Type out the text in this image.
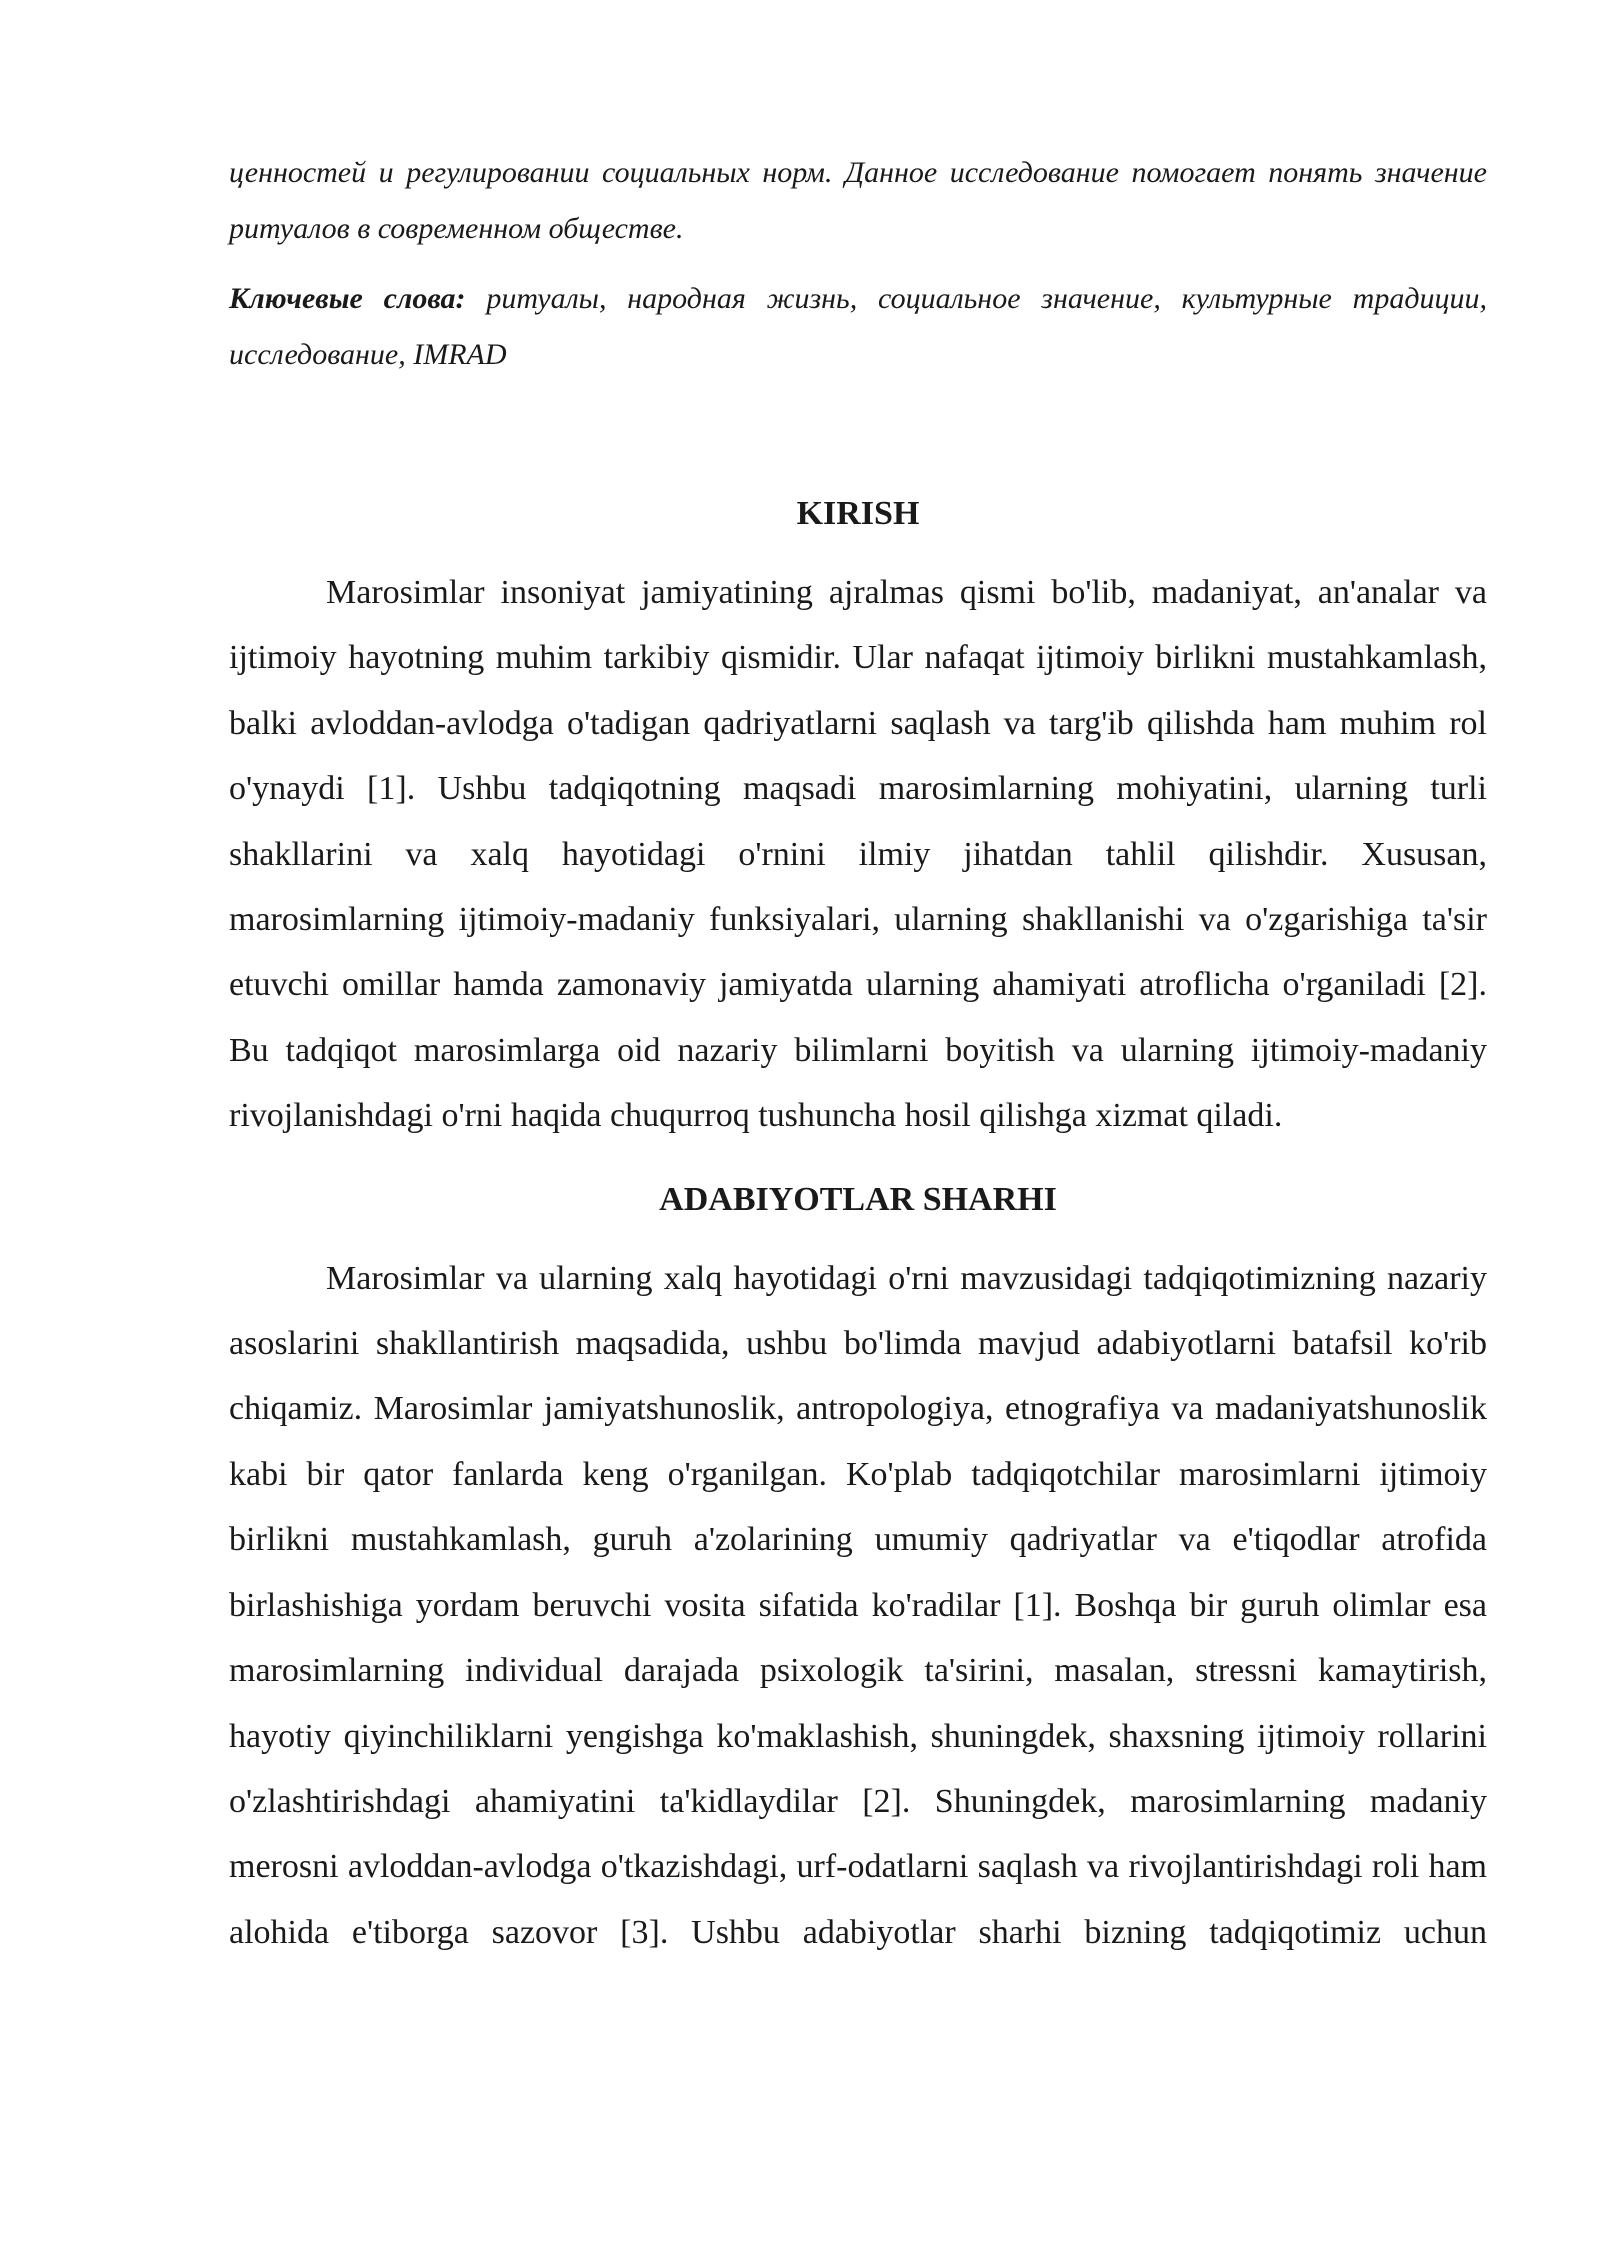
ценностей и регулировании социальных норм. Данное исследование помогает понять значение ритуалов в современном обществе.

Ключевые слова: ритуалы, народная жизнь, социальное значение, культурные традиции, исследование, IMRAD

KIRISH

Marosimlar insoniyat jamiyatining ajralmas qismi bo'lib, madaniyat, an'analar va ijtimoiy hayotning muhim tarkibiy qismidir. Ular nafaqat ijtimoiy birlikni mustahkamlash, balki avloddan-avlodga o'tadigan qadriyatlarni saqlash va targ'ib qilishda ham muhim rol o'ynaydi [1]. Ushbu tadqiqotning maqsadi marosimlarning mohiyatini, ularning turli shakllarini va xalq hayotidagi o'rnini ilmiy jihatdan tahlil qilishdir. Xususan, marosimlarning ijtimoiy-madaniy funksiyalari, ularning shakllanishi va o'zgarishiga ta'sir etuvchi omillar hamda zamonaviy jamiyatda ularning ahamiyati atroflicha o'rganiladi [2]. Bu tadqiqot marosimlarga oid nazariy bilimlarni boyitish va ularning ijtimoiy-madaniy rivojlanishdagi o'rni haqida chuqurroq tushuncha hosil qilishga xizmat qiladi.

ADABIYOTLAR SHARHI

Marosimlar va ularning xalq hayotidagi o'rni mavzusidagi tadqiqotimizning nazariy asoslarini shakllantirish maqsadida, ushbu bo'limda mavjud adabiyotlarni batafsil ko'rib chiqamiz. Marosimlar jamiyatshunoslik, antropologiya, etnografiya va madaniyatshunoslik kabi bir qator fanlarda keng o'rganilgan. Ko'plab tadqiqotchilar marosimlarni ijtimoiy birlikni mustahkamlash, guruh a'zolarining umumiy qadriyatlar va e'tiqodlar atrofida birlashishiga yordam beruvchi vosita sifatida ko'radilar [1]. Boshqa bir guruh olimlar esa marosimlarning individual darajada psixologik ta'sirini, masalan, stressni kamaytirish, hayotiy qiyinchiliklarni yengishga ko'maklashish, shuningdek, shaxsning ijtimoiy rollarini o'zlashtirishdagi ahamiyatini ta'kidlaydilar [2]. Shuningdek, marosimlarning madaniy merosni avloddan-avlodga o'tkazishdagi, urf-odatlarni saqlash va rivojlantirishdagi roli ham alohida e'tiborga sazovor [3]. Ushbu adabiyotlar sharhi bizning tadqiqotimiz uchun
